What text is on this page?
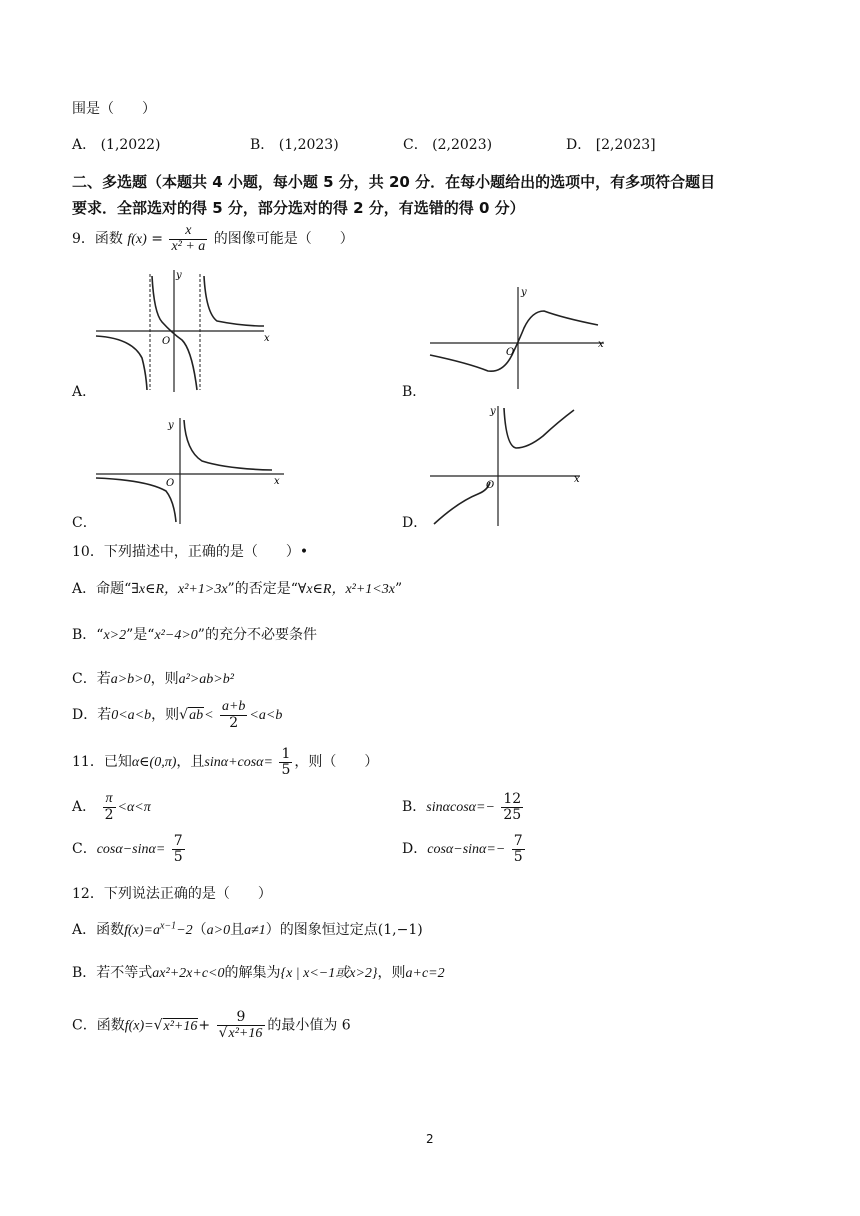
围是（　　）
A． (1,2022)	B． (1,2023)	C． (2,2023)	D． [2,2023]
二、多选题（本题共 4 小题，每小题 5 分，共 20 分．在每小题给出的选项中，有多项符合题目
要求．全部选对的得 5 分，部分选对的得 2 分，有选错的得 0 分）
9．函数 $f(x) = \frac{x}{\text{x² + a}}$ 的图像可能是（　　）
A．
y
O	x
B．
y
O
x
C．
y
O	x
D．
y
O
x
10．下列描述中，正确的是（　　）•
A．命题“∃x∈R，x²+1>3x”的否定是“∀x∈R，x²+1<3x”
B．“x>2”是“x²−4>0”的充分不必要条件
C．若a>b>0，则a²>ab>b²
D．若0<a<b，则$√ab< \frac{a+b}{2} <a<b$
11．已知α∈(0,π)，且$\sin\alpha+\cos\alpha= \frac{1}{5}$ ，则（　　）
A． $\frac{\pi}{2} <\alpha<\pi$	B．$\sin\alpha\cos\alpha=- \frac{12}{25}$
C．$\cos\alpha-\sin\alpha= \frac{7}{5}$	D．$\cos\alpha-\sin\alpha=- \frac{7}{5}$
12．下列说法正确的是（　　）
A．函数$f(x)=a^{x-1}-2(a>0$且a≠1）的图象恒过定点(1,−1)
B．若不等式ax²+2x+c<0的解集为{x | x<−1或x>2}，则a+c=2
C．函数$f(x)=√x^2+16+ \frac{9}{\text{√x²+16}}$ 的最小值为 6
2
